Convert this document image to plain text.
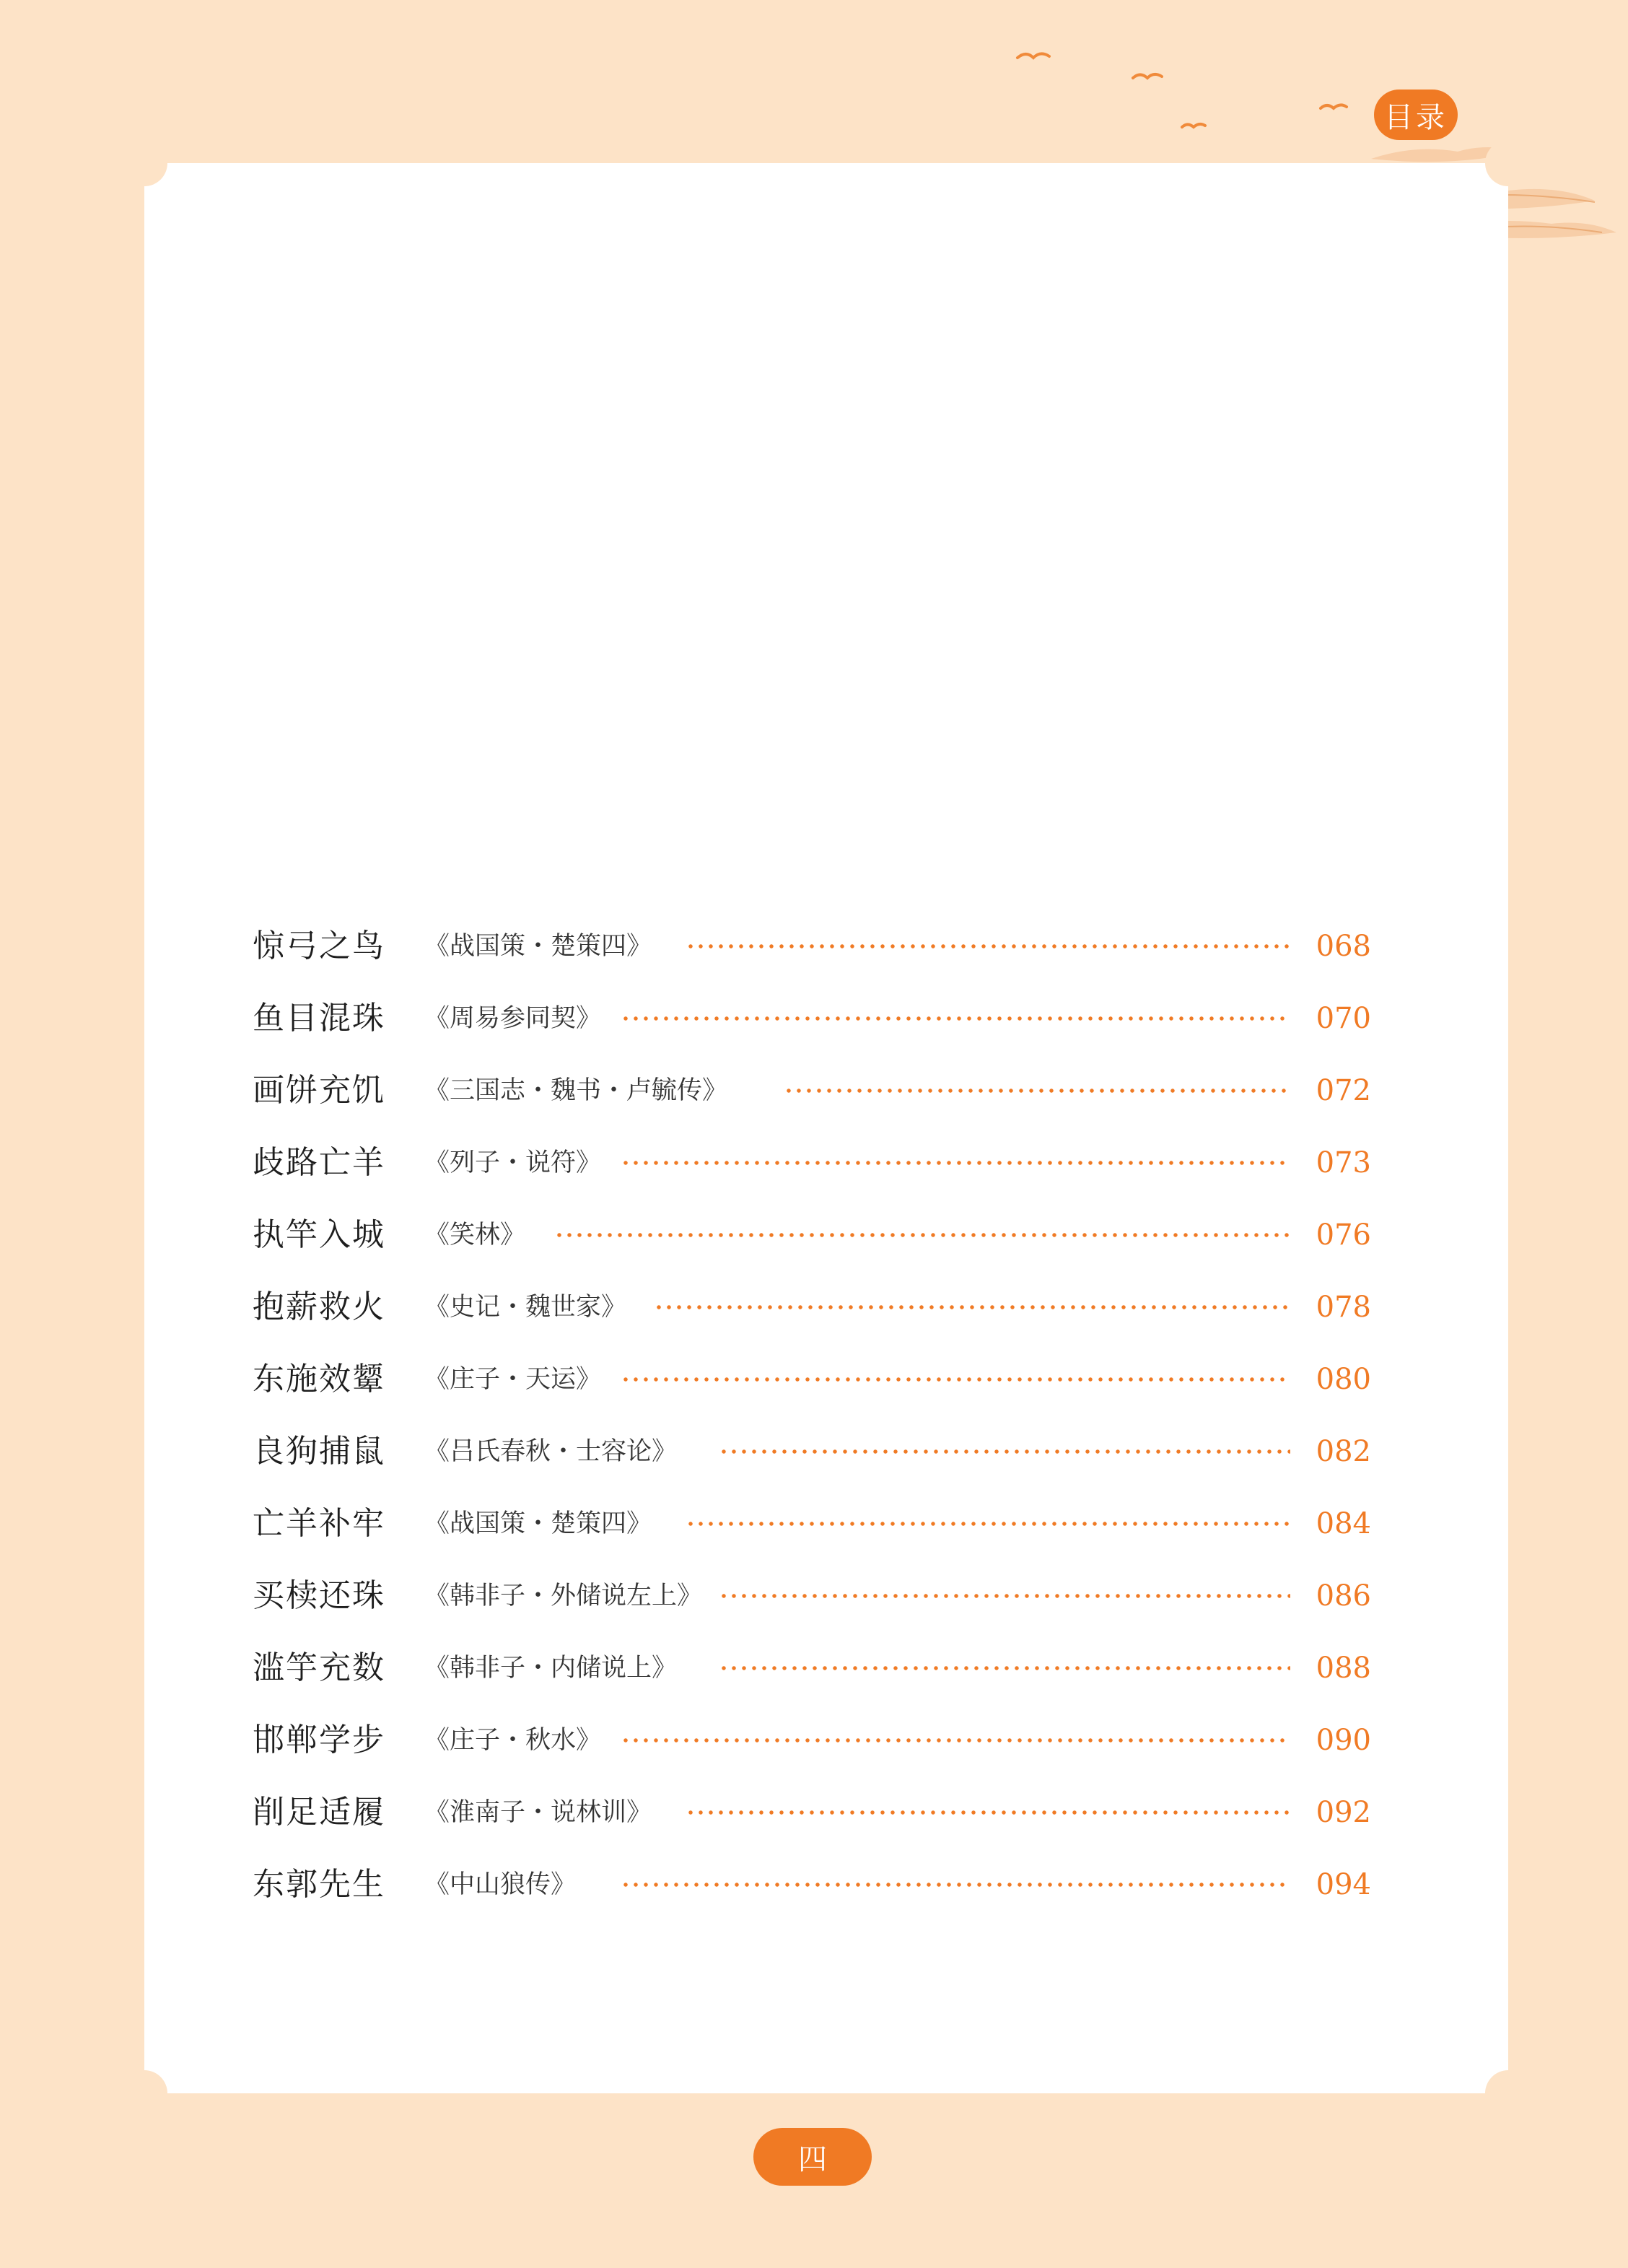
目录
惊弓之鸟 《战国策・楚策四》	068
鱼目混珠 《周易参同契》	070
画饼充饥 《三国志・魏书・卢毓传》	072
歧路亡羊 《列子・说符》	073
执竿入城 《笑林》	076
抱薪救火 《史记・魏世家》	078
东施效颦 《庄子・天运》	080
良狗捕鼠 《吕氏春秋・士容论》	082
亡羊补牢 《战国策・楚策四》	084
买椟还珠 《韩非子・外储说左上》	086
滥竽充数 《韩非子・内储说上》	088
邯郸学步 《庄子・秋水》	090
削足适履 《淮南子・说林训》	092
东郭先生 《中山狼传》	094
四
